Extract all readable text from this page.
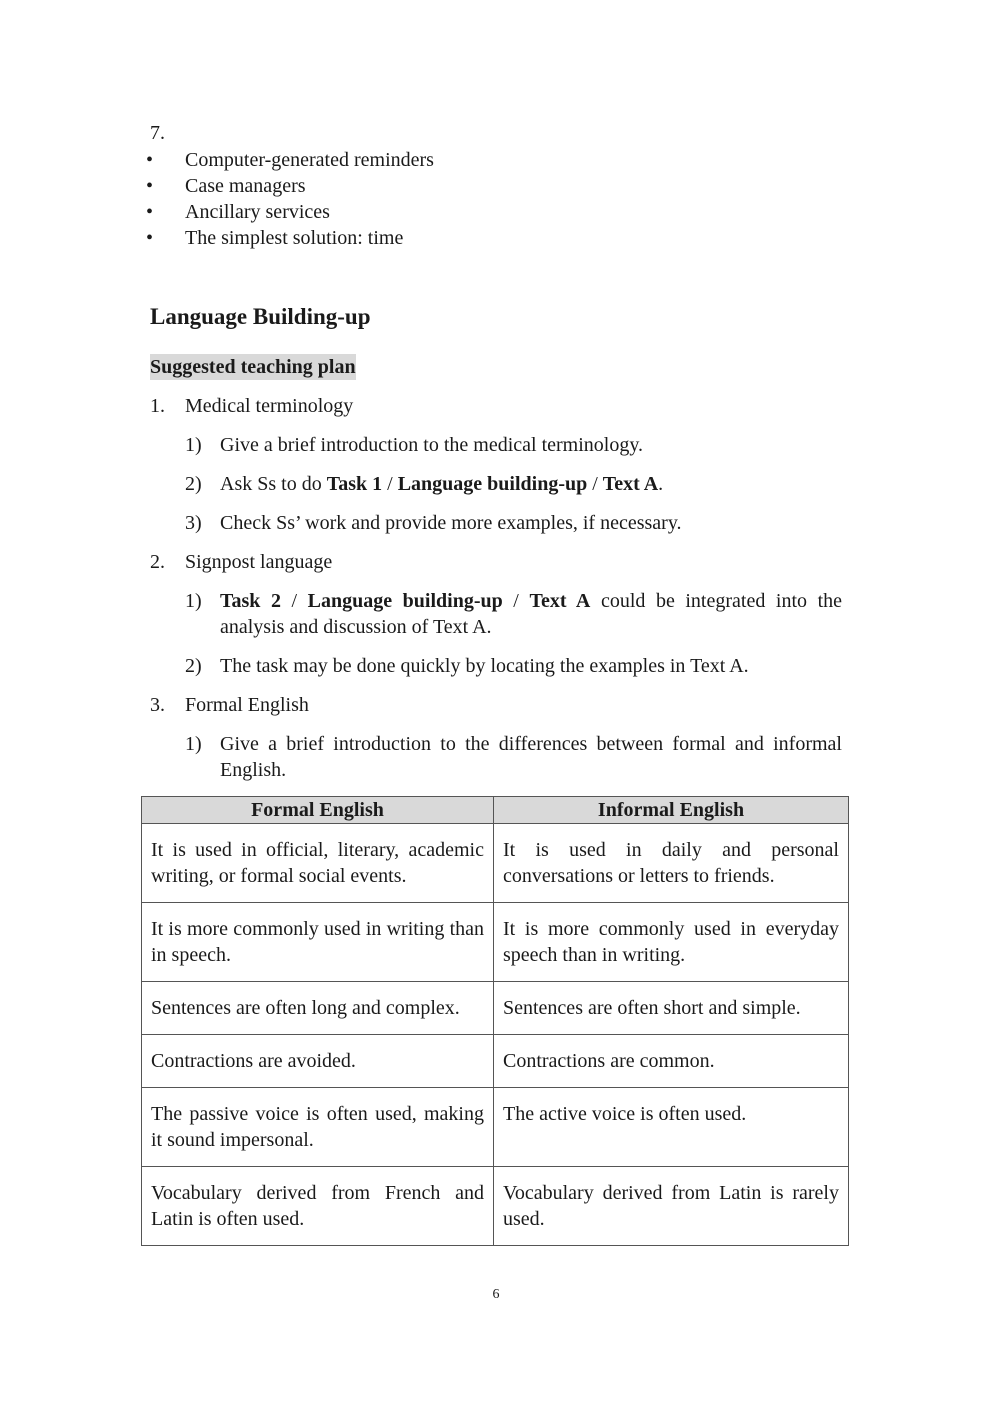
7.
•
Computer-generated reminders
•
Case managers
•
Ancillary services
•
The simplest solution: time
Language Building-up
Suggested teaching plan
1. Medical terminology
1) Give a brief introduction to the medical terminology.
2) Ask Ss to do Task 1 / Language building-up / Text A.
3) Check Ss’ work and provide more examples, if necessary.
2. Signpost language
1) Task 2 / Language building-up / Text A could be integrated into the analysis and discussion of Text A.
2) The task may be done quickly by locating the examples in Text A.
3. Formal English
1) Give a brief introduction to the differences between formal and informal English.
Formal English	Informal English

It is used in official, literary, academic writing, or formal social events.	It is used in daily and personal conversations or letters to friends.

It is more commonly used in writing than in speech.	It is more commonly used in everyday speech than in writing.

Sentences are often long and complex.	Sentences are often short and simple.

Contractions are avoided.	Contractions are common.

The passive voice is often used, making it sound impersonal.	The active voice is often used.

Vocabulary derived from French and Latin is often used.	Vocabulary derived from Latin is rarely used.
6
